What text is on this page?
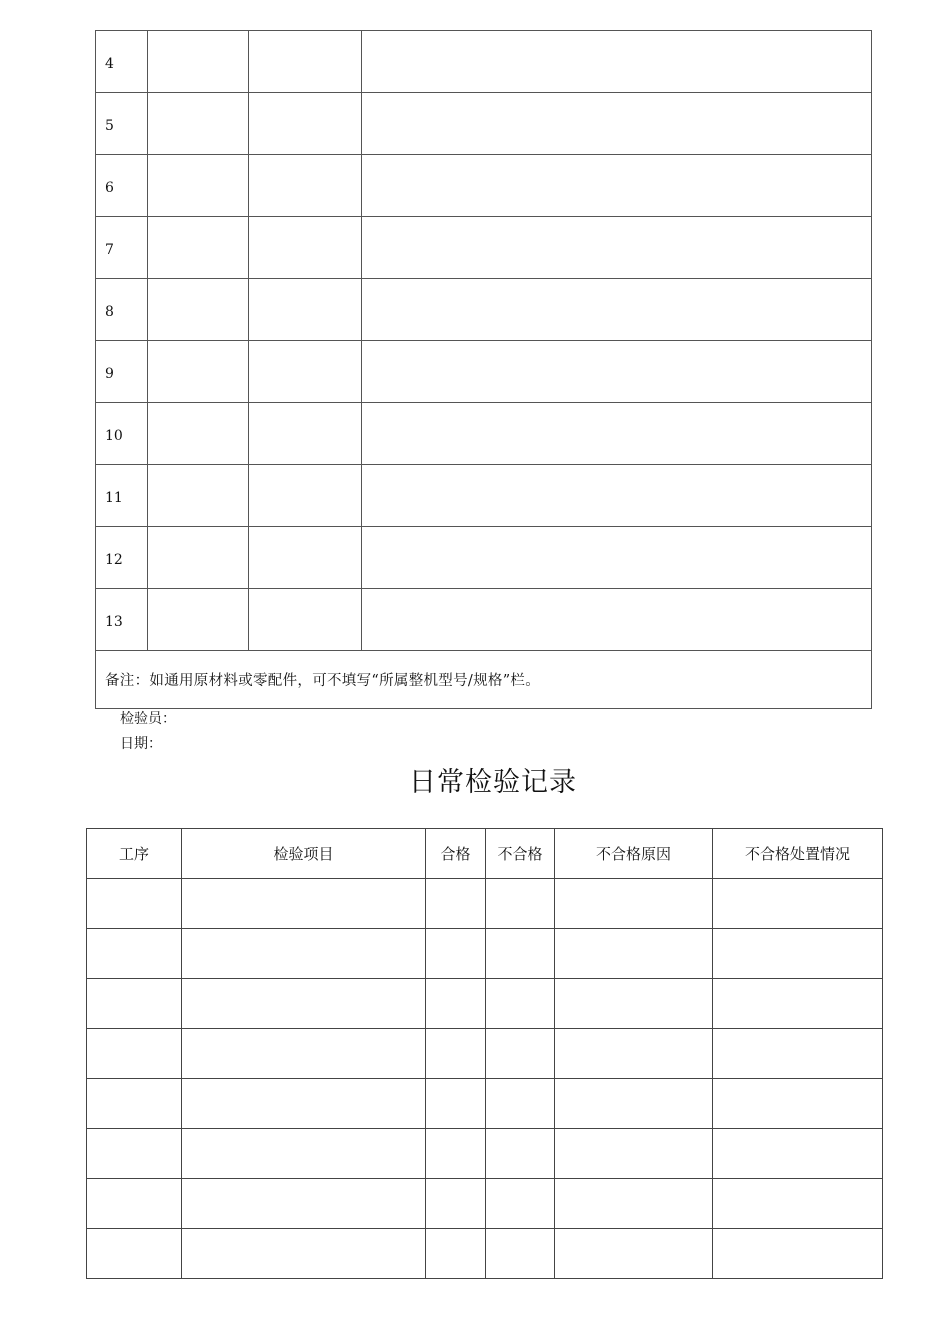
4			
5			
6			
7			
8			
9			
10			
11			
12			
13			
备注：如通用原材料或零配件，可不填写“所属整机型号/规格”栏。			
检验员：
日期：
日常检验记录
工序	检验项目	合格	不合格	不合格原因	不合格处置情况
